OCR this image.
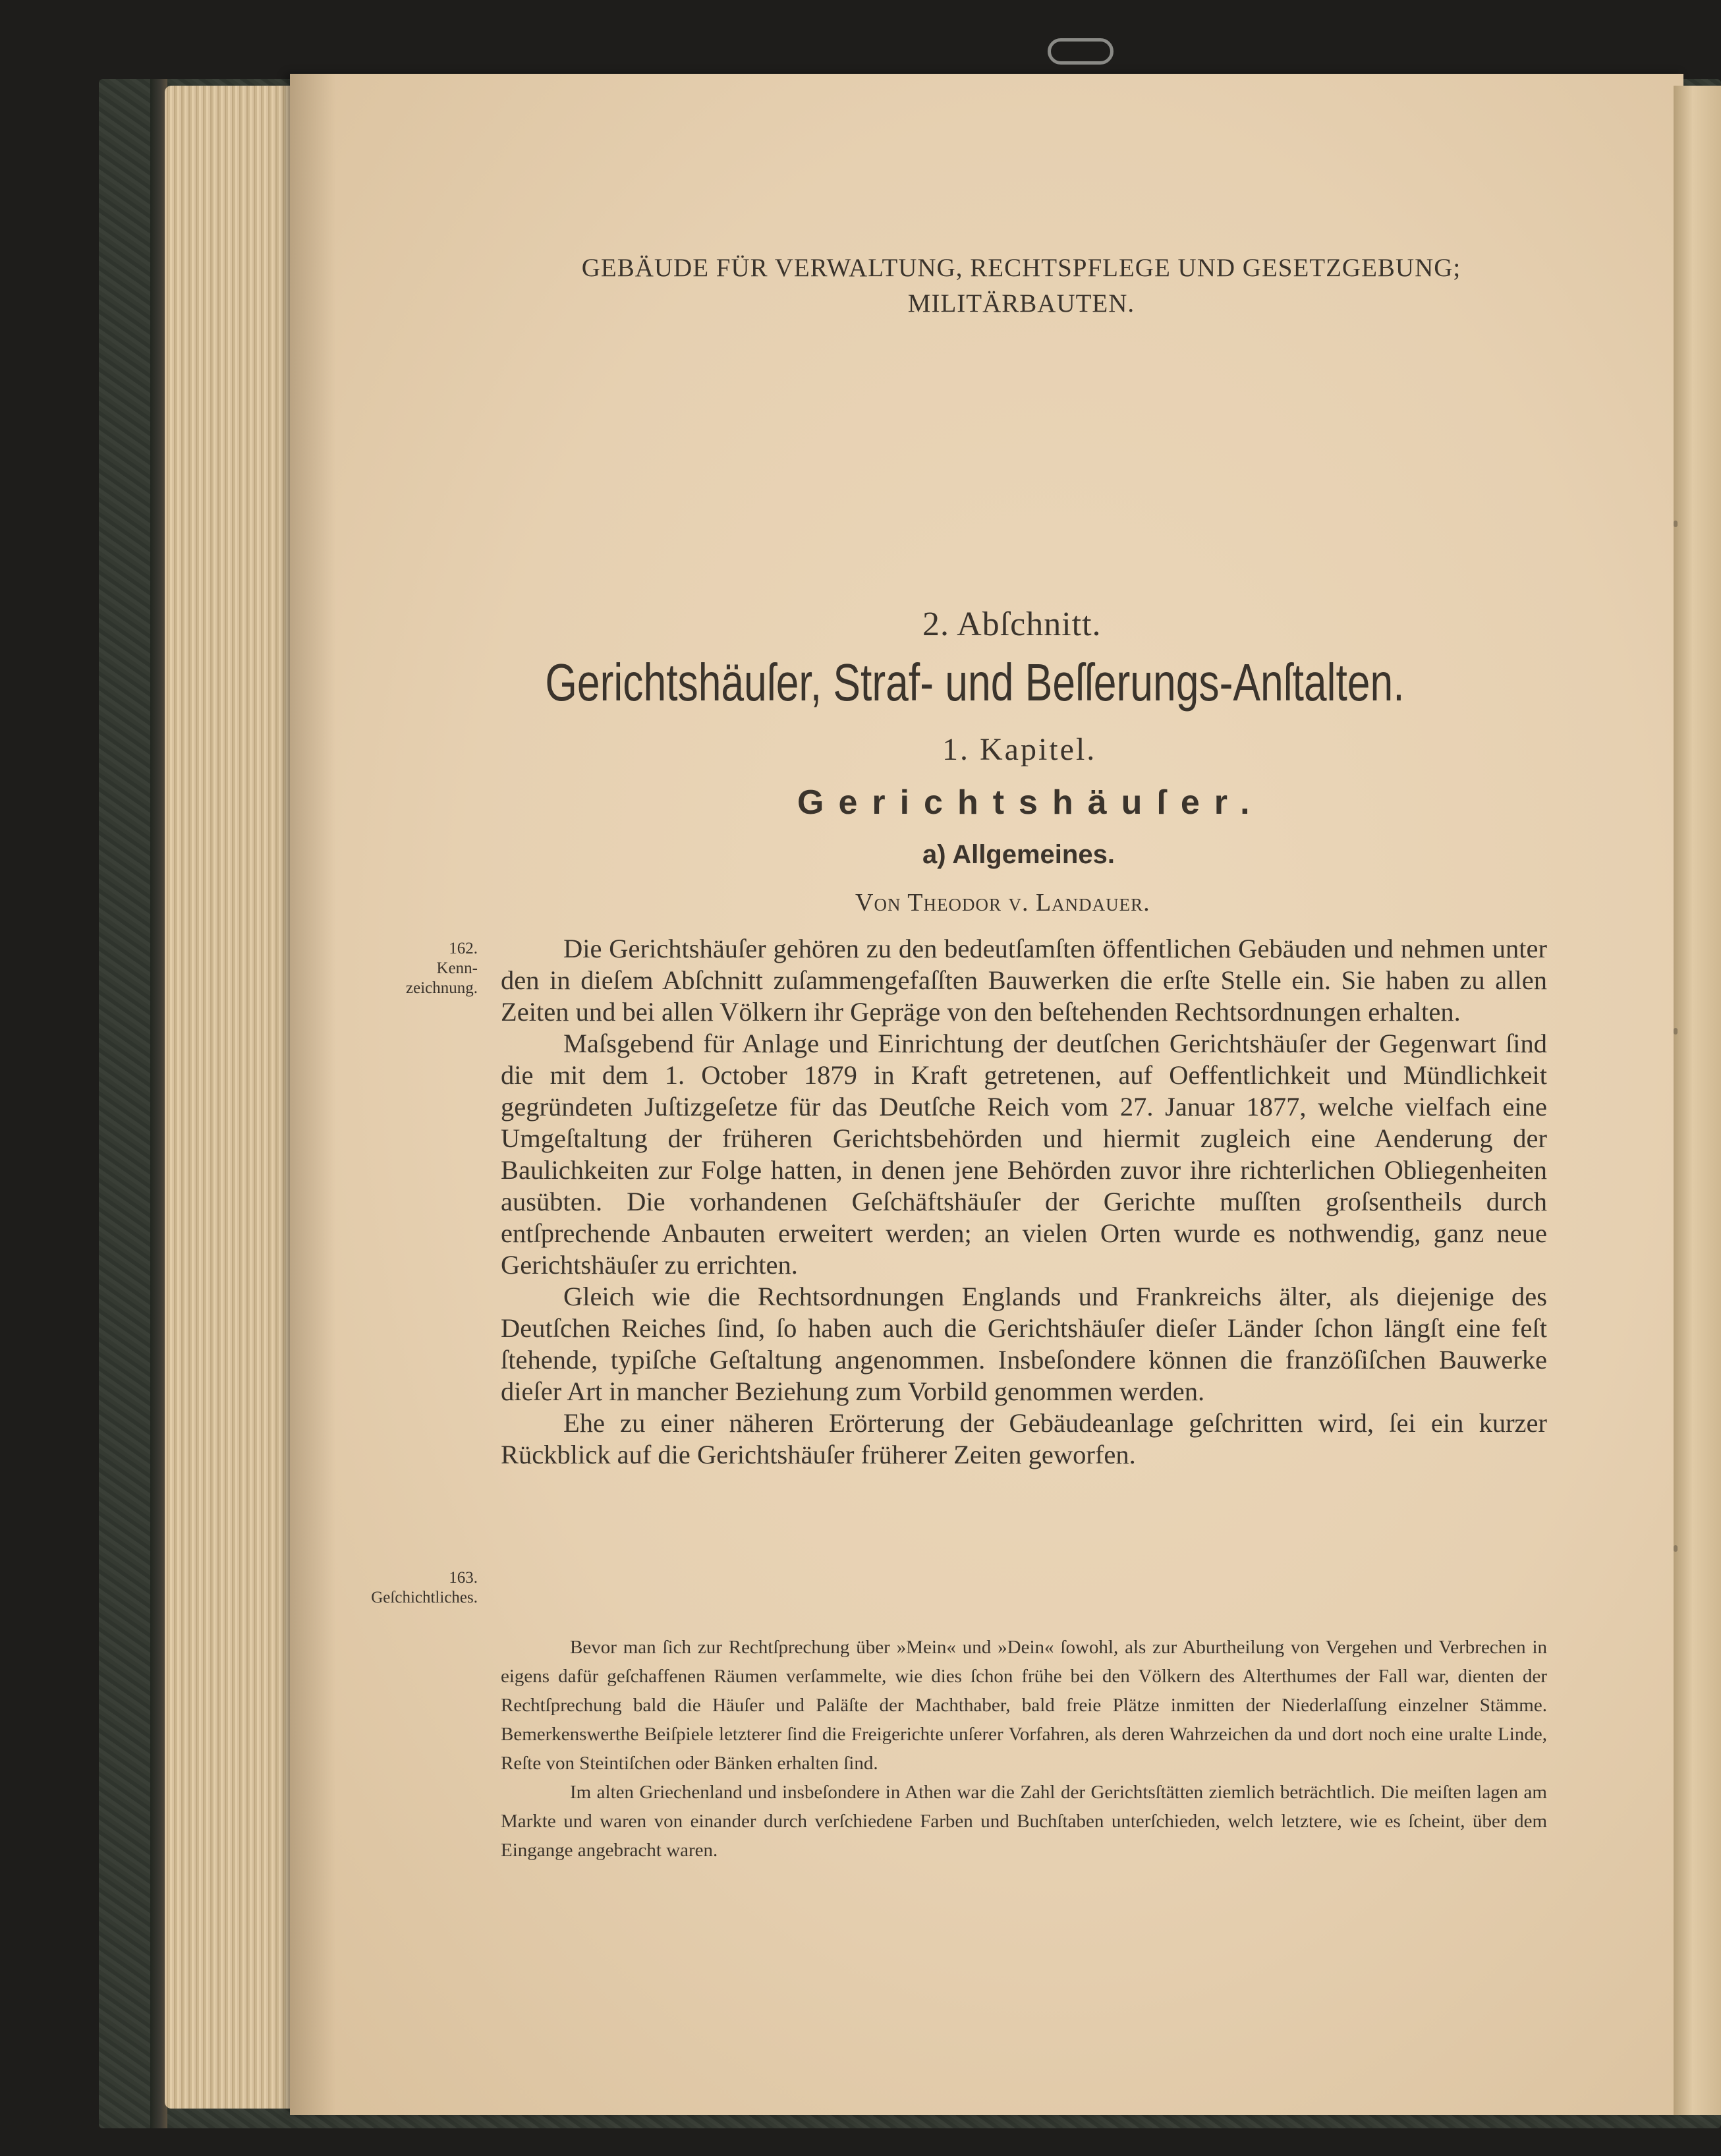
GEBÄUDE FÜR VERWALTUNG, RECHTSPFLEGE UND GESETZGEBUNG;
MILITÄRBAUTEN.
2. Abſchnitt.
Gerichtshäuſer, Straf- und Beſſerungs-Anſtalten.
1. Kapitel.
Gerichtshäuſer.
a) Allgemeines.
Von Theodor v. Landauer.
162.
Kenn-
zeichnung.
163.
Geſchichtliches.

Die Gerichtshäuſer gehören zu den bedeutſamſten öffentlichen Gebäuden und nehmen unter den in dieſem Abſchnitt zuſammengefaſſten Bauwerken die erſte Stelle ein. Sie haben zu allen Zeiten und bei allen Völkern ihr Gepräge von den beſtehenden Rechtsordnungen erhalten.

Maſsgebend für Anlage und Einrichtung der deutſchen Gerichtshäuſer der Gegenwart ſind die mit dem 1. October 1879 in Kraft getretenen, auf Oeffentlichkeit und Mündlichkeit gegründeten Juſtizgeſetze für das Deutſche Reich vom 27. Januar 1877, welche vielfach eine Umgeſtaltung der früheren Gerichtsbehörden und hiermit zugleich eine Aenderung der Baulichkeiten zur Folge hatten, in denen jene Behörden zuvor ihre richterlichen Obliegenheiten ausübten. Die vorhandenen Geſchäftshäuſer der Gerichte muſſten groſsentheils durch entſprechende Anbauten erweitert werden; an vielen Orten wurde es nothwendig, ganz neue Gerichtshäuſer zu errichten.

Gleich wie die Rechtsordnungen Englands und Frankreichs älter, als diejenige des Deutſchen Reiches ſind, ſo haben auch die Gerichtshäuſer dieſer Länder ſchon längſt eine feſt ſtehende, typiſche Geſtaltung angenommen. Insbeſondere können die franzöſiſchen Bauwerke dieſer Art in mancher Beziehung zum Vorbild genommen werden.

Ehe zu einer näheren Erörterung der Gebäudeanlage geſchritten wird, ſei ein kurzer Rückblick auf die Gerichtshäuſer früherer Zeiten geworfen.

Bevor man ſich zur Rechtſprechung über »Mein« und »Dein« ſowohl, als zur Aburtheilung von Vergehen und Verbrechen in eigens dafür geſchaffenen Räumen verſammelte, wie dies ſchon frühe bei den Völkern des Alterthumes der Fall war, dienten der Rechtſprechung bald die Häuſer und Paläſte der Machthaber, bald freie Plätze inmitten der Niederlaſſung einzelner Stämme. Bemerkenswerthe Beiſpiele letzterer ſind die Freigerichte unſerer Vorfahren, als deren Wahrzeichen da und dort noch eine uralte Linde, Reſte von Steintiſchen oder Bänken erhalten ſind.

Im alten Griechenland und insbeſondere in Athen war die Zahl der Gerichtsſtätten ziemlich beträchtlich. Die meiſten lagen am Markte und waren von einander durch verſchiedene Farben und Buchſtaben unterſchieden, welch letztere, wie es ſcheint, über dem Eingange angebracht waren.
